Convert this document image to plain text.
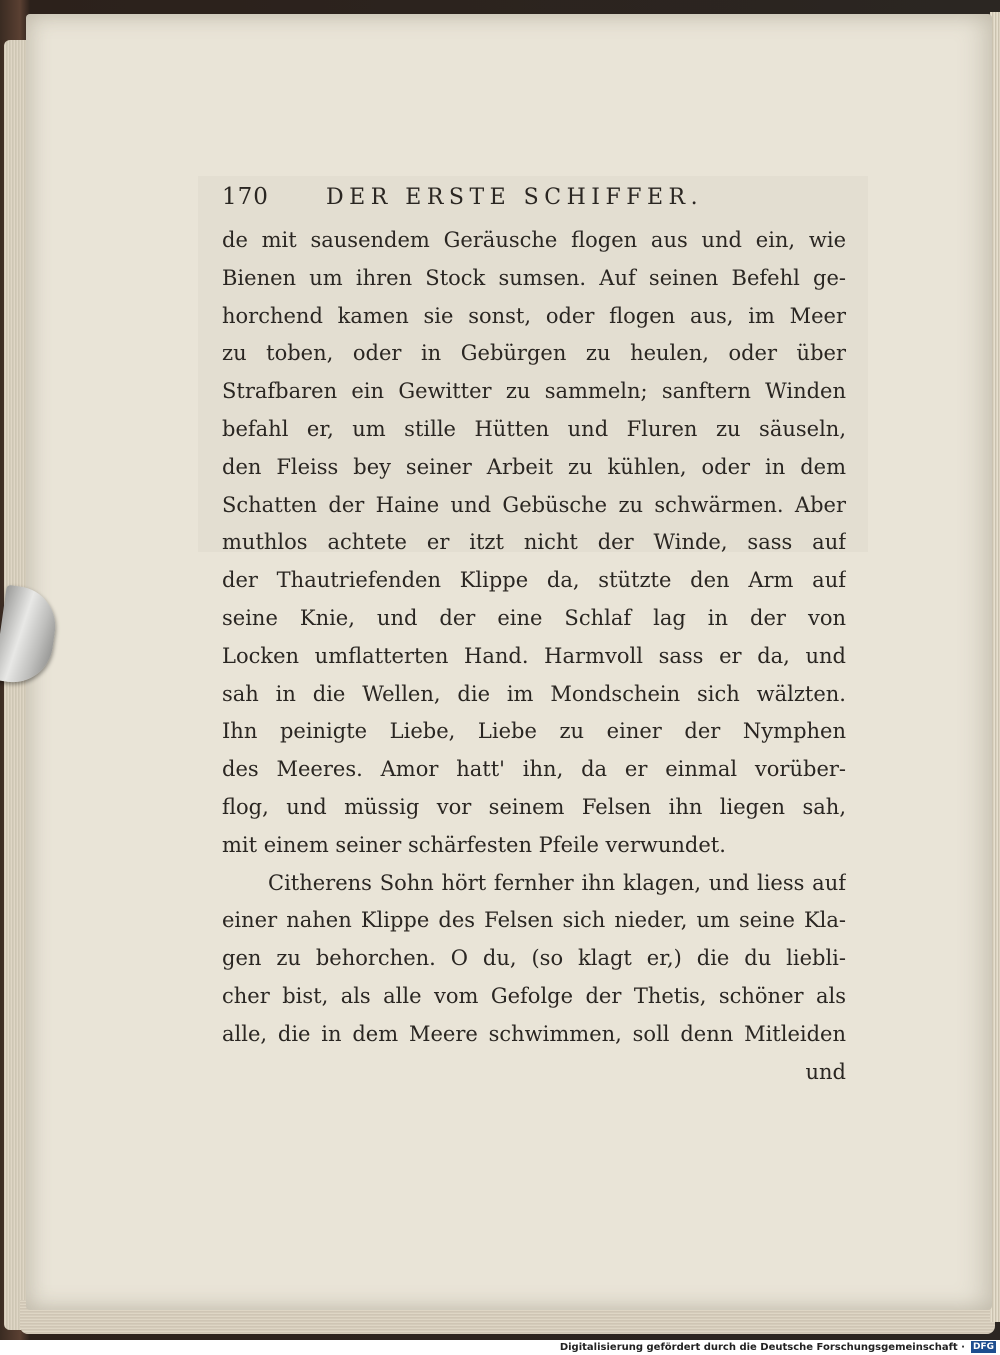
170	DER ERSTE SCHIFFER.
de mit sausendem Geräusche flogen aus und ein, wie
Bienen um ihren Stock sumsen. Auf seinen Befehl ge-
horchend kamen sie sonst, oder flogen aus, im Meer
zu toben, oder in Gebürgen zu heulen, oder über
Strafbaren ein Gewitter zu sammeln; sanftern Winden
befahl er, um stille Hütten und Fluren zu säuseln,
den Fleiss bey seiner Arbeit zu kühlen, oder in dem
Schatten der Haine und Gebüsche zu schwärmen. Aber
muthlos achtete er itzt nicht der Winde, sass auf
der Thautriefenden Klippe da, stützte den Arm auf
seine Knie, und der eine Schlaf lag in der von
Locken umflatterten Hand. Harmvoll sass er da, und
sah in die Wellen, die im Mondschein sich wälzten.
Ihn peinigte Liebe, Liebe zu einer der Nymphen
des Meeres. Amor hatt' ihn, da er einmal vorüber-
flog, und müssig vor seinem Felsen ihn liegen sah,
mit einem seiner schärfesten Pfeile verwundet.
Citherens Sohn hört fernher ihn klagen, und liess auf
einer nahen Klippe des Felsen sich nieder, um seine Kla-
gen zu behorchen. O du, (so klagt er,) die du liebli-
cher bist, als alle vom Gefolge der Thetis, schöner als
alle, die in dem Meere schwimmen, soll denn Mitleiden
und
Digitalisierung gefördert durch die Deutsche Forschungsgemeinschaft · DFG
